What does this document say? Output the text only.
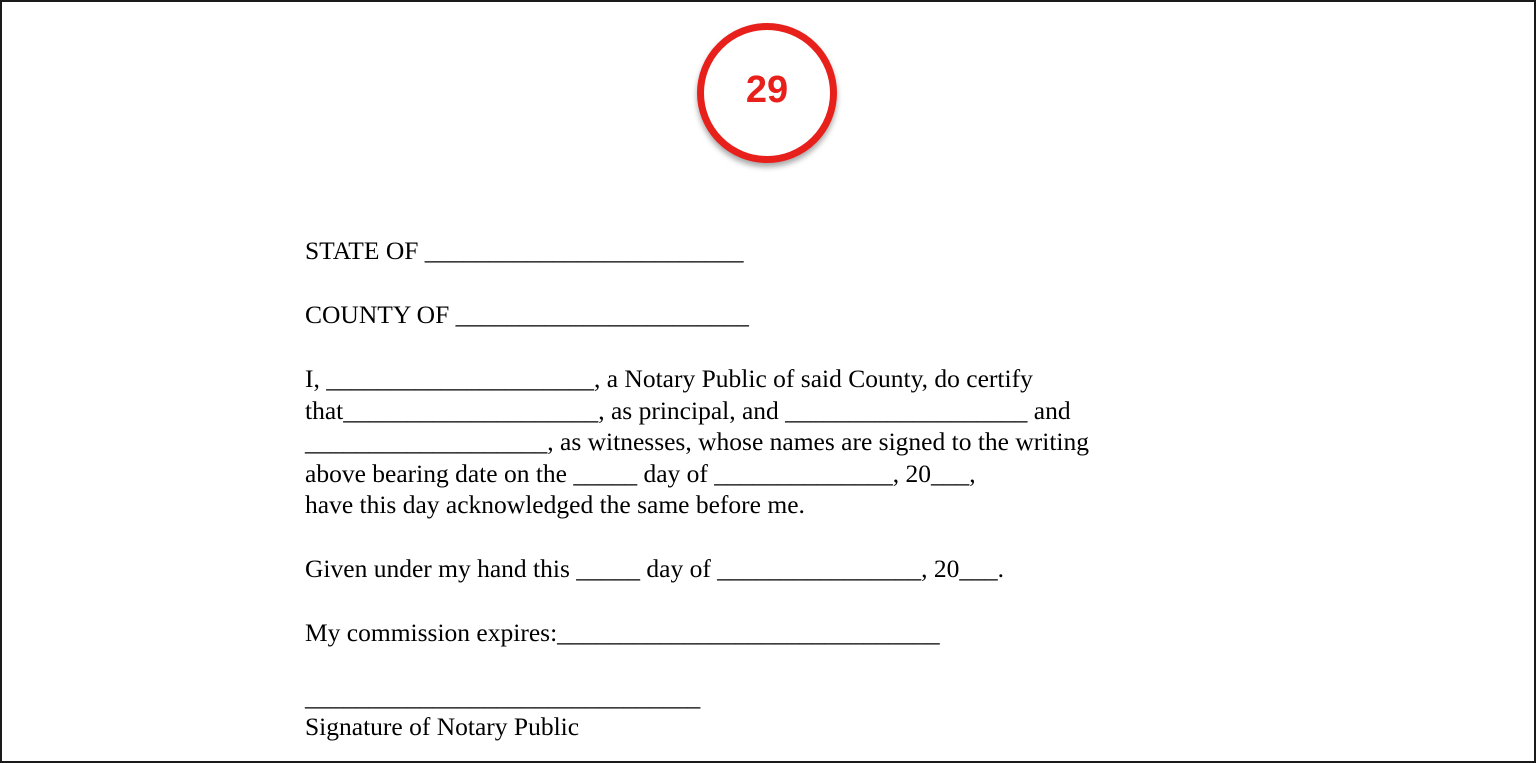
29
STATE OF _________________________
COUNTY OF _______________________
I, _____________________, a Notary Public of said County, do certify
that____________________, as principal, and ___________________ and
___________________, as witnesses, whose names are signed to the writing
above bearing date on the _____ day of ______________, 20___,
have this day acknowledged the same before me.
Given under my hand this _____ day of ________________, 20___.
My commission expires:______________________________
_______________________________
Signature of Notary Public
